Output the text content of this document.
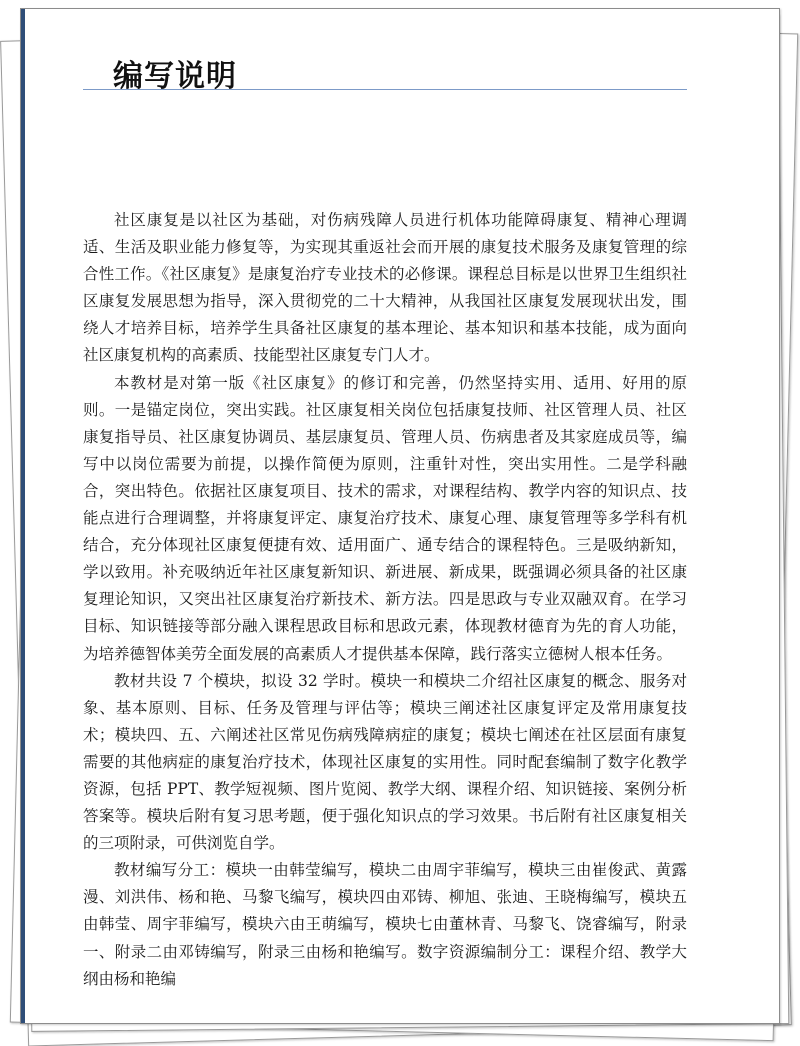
编写说明

社区康复是以社区为基础，对伤病残障人员进行机体功能障碍康复、精神心理调适、生活及职业能力修复等，为实现其重返社会而开展的康复技术服务及康复管理的综合性工作。《社区康复》是康复治疗专业技术的必修课。课程总目标是以世界卫生组织社区康复发展思想为指导，深入贯彻党的二十大精神，从我国社区康复发展现状出发，围绕人才培养目标，培养学生具备社区康复的基本理论、基本知识和基本技能，成为面向社区康复机构的高素质、技能型社区康复专门人才。

本教材是对第一版《社区康复》的修订和完善，仍然坚持实用、适用、好用的原则。一是锚定岗位，突出实践。社区康复相关岗位包括康复技师、社区管理人员、社区康复指导员、社区康复协调员、基层康复员、管理人员、伤病患者及其家庭成员等，编写中以岗位需要为前提，以操作简便为原则，注重针对性，突出实用性。二是学科融合，突出特色。依据社区康复项目、技术的需求，对课程结构、教学内容的知识点、技能点进行合理调整，并将康复评定、康复治疗技术、康复心理、康复管理等多学科有机结合，充分体现社区康复便捷有效、适用面广、通专结合的课程特色。三是吸纳新知，学以致用。补充吸纳近年社区康复新知识、新进展、新成果，既强调必须具备的社区康复理论知识，又突出社区康复治疗新技术、新方法。四是思政与专业双融双育。在学习目标、知识链接等部分融入课程思政目标和思政元素，体现教材德育为先的育人功能，为培养德智体美劳全面发展的高素质人才提供基本保障，践行落实立德树人根本任务。

教材共设 7 个模块，拟设 32 学时。模块一和模块二介绍社区康复的概念、服务对象、基本原则、目标、任务及管理与评估等；模块三阐述社区康复评定及常用康复技术；模块四、五、六阐述社区常见伤病残障病症的康复；模块七阐述在社区层面有康复需要的其他病症的康复治疗技术，体现社区康复的实用性。同时配套编制了数字化教学资源，包括 PPT、教学短视频、图片览阅、教学大纲、课程介绍、知识链接、案例分析答案等。模块后附有复习思考题，便于强化知识点的学习效果。书后附有社区康复相关的三项附录，可供浏览自学。

教材编写分工：模块一由韩莹编写，模块二由周宇菲编写，模块三由崔俊武、黄露漫、刘洪伟、杨和艳、马黎飞编写，模块四由邓铸、柳旭、张迪、王晓梅编写，模块五由韩莹、周宇菲编写，模块六由王萌编写，模块七由董林青、马黎飞、饶睿编写，附录一、附录二由邓铸编写，附录三由杨和艳编写。数字资源编制分工：课程介绍、教学大纲由杨和艳编
